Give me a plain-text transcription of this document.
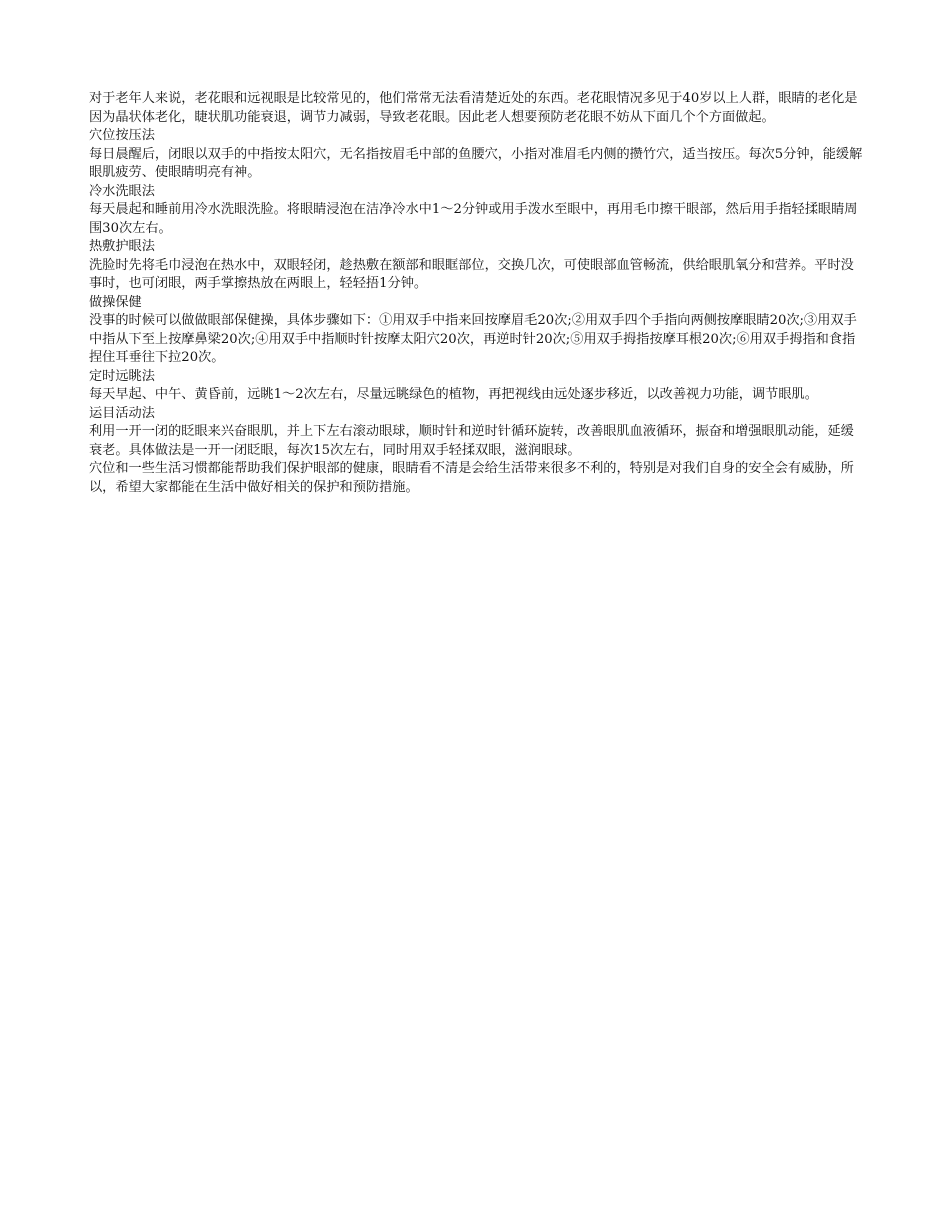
对于老年人来说，老花眼和远视眼是比较常见的，他们常常无法看清楚近处的东西。老花眼情况多见于40岁以上人群，眼睛的老化是因为晶状体老化，睫状肌功能衰退，调节力减弱，导致老花眼。因此老人想要预防老花眼不妨从下面几个个方面做起。

穴位按压法

每日晨醒后，闭眼以双手的中指按太阳穴，无名指按眉毛中部的鱼腰穴，小指对准眉毛内侧的攒竹穴，适当按压。每次5分钟，能缓解眼肌疲劳、使眼睛明亮有神。

冷水洗眼法

每天晨起和睡前用冷水洗眼洗脸。将眼睛浸泡在洁净冷水中1～2分钟或用手泼水至眼中，再用毛巾擦干眼部，然后用手指轻揉眼睛周围30次左右。

热敷护眼法

洗脸时先将毛巾浸泡在热水中，双眼轻闭，趁热敷在额部和眼眶部位，交换几次，可使眼部血管畅流，供给眼肌氧分和营养。平时没事时，也可闭眼，两手掌擦热放在两眼上，轻轻捂1分钟。

做操保健

没事的时候可以做做眼部保健操，具体步骤如下：①用双手中指来回按摩眉毛20次;②用双手四个手指向两侧按摩眼睛20次;③用双手中指从下至上按摩鼻梁20次;④用双手中指顺时针按摩太阳穴20次，再逆时针20次;⑤用双手拇指按摩耳根20次;⑥用双手拇指和食指捏住耳垂往下拉20次。

定时远眺法

每天早起、中午、黄昏前，远眺1～2次左右，尽量远眺绿色的植物，再把视线由远处逐步移近，以改善视力功能，调节眼肌。

运目活动法

利用一开一闭的眨眼来兴奋眼肌，并上下左右滚动眼球，顺时针和逆时针循环旋转，改善眼肌血液循环，振奋和增强眼肌动能，延缓衰老。具体做法是一开一闭眨眼，每次15次左右，同时用双手轻揉双眼，滋润眼球。

穴位和一些生活习惯都能帮助我们保护眼部的健康，眼睛看不清是会给生活带来很多不利的，特别是对我们自身的安全会有威胁，所以，希望大家都能在生活中做好相关的保护和预防措施。
